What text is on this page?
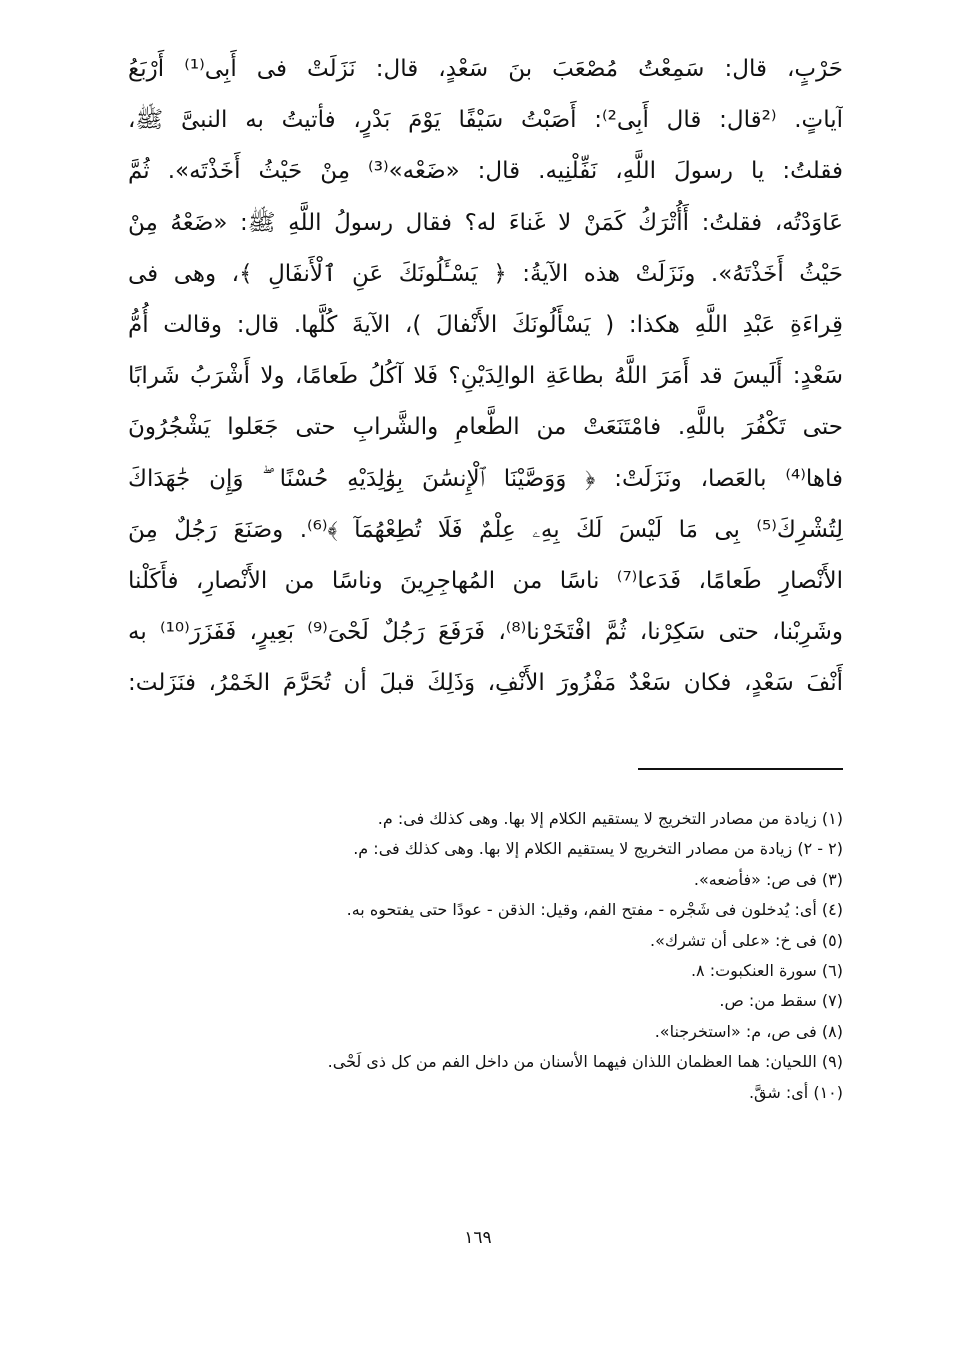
حَرْبٍ، قال: سَمِعْتُ مُصْعَبَ بنَ سَعْدٍ، قال: نَزَلَتْ فى أَبِى⁽¹⁾ أَرْبَعُ
آياتٍ. ⁽²قال: قال أَبِى²⁾: أَصَبْتُ سَيْفًا يَوْمَ بَدْرٍ، فأتيتُ به النبىَّ ﷺ،
فقلتُ: يا رسولَ اللَّهِ، نَفِّلْنِيه. قال: «ضَعْه»⁽³⁾ مِنْ حَيْثُ أَخَذْتَه». ثُمَّ
عَاوَدْتُه، فقلتُ: أَأُتْرَكُ كَمَنْ لا غَناءَ له؟ فقال رسولُ اللَّهِ ﷺ: «ضَعْهُ مِنْ
حَيْثُ أَخَذْتَهُ». ونَزَلَتْ هذه الآيةُ: ﴿ يَسْـَٔلُونَكَ عَنِ ٱلْأَنفَالِ ﴾، وهى فى
قِراءَةِ عَبْدِ اللَّهِ هكذا: ( يَسْأَلُونَكَ الأَنْفالَ )، الآيةَ كُلَّها. قال: وقالت أُمُّ
سَعْدٍ: أَلَيسَ قد أَمَرَ اللَّهُ بطاعَةِ الوالِدَيْنِ؟ فَلا آكُلُ طَعامًا، ولا أَشْرَبُ شَرابًا
حتى تَكْفُرَ باللَّهِ. فامْتَنَعَتْ من الطَّعامِ والشَّرابِ حتى جَعَلوا يَشْجُرُونَ
فاها⁽⁴⁾ بالعَصا، ونَزَلَتْ: ﴿ وَوَصَّيْنَا ٱلْإِنسَٰنَ بِوَٰلِدَيْهِ حُسْنًا ۖ وَإِن جَٰهَدَاكَ
لِتُشْرِكَ⁽⁵⁾ بِى مَا لَيْسَ لَكَ بِهِۦ عِلْمٌ فَلَا تُطِعْهُمَآ ﴾⁽⁶⁾. وصَنَعَ رَجُلٌ مِنَ
الأَنْصارِ طَعامًا، فَدَعا⁽⁷⁾ ناسًا من المُهاجِرِينَ وناسًا من الأَنْصارِ، فأَكَلْنا
وشَرِبْنا، حتى سَكِرْنا، ثُمَّ افْتَخَرْنا⁽⁸⁾، فَرَفَعَ رَجُلٌ لَحْىَ⁽⁹⁾ بَعِيرٍ، فَفَزَرَ⁽¹⁰⁾ به
أَنْفَ سَعْدٍ، فكان سَعْدٌ مَفْزُورَ الأَنْفِ، وَذَلِكَ قبلَ أن تُحَرَّمَ الخَمْرُ، فنَزَلت:
(١) زيادة من مصادر التخريج لا يستقيم الكلام إلا بها. وهى كذلك فى: م.
(٢ - ٢) زيادة من مصادر التخريج لا يستقيم الكلام إلا بها. وهى كذلك فى: م.
(٣) فى ص: «فأضعه».
(٤) أى: يُدخلون فى شَجْره - مفتح الفم، وقيل: الذقن - عودًا حتى يفتحوه به.
(٥) فى خ: «على أن تشرك».
(٦) سورة العنكبوت: ٨.
(٧) سقط من: ص.
(٨) فى ص، م: «استخرجنا».
(٩) اللحيان: هما العظمان اللذان فيهما الأسنان من داخل الفم من كل ذى لَحْى.
(١٠) أى: شقَّ.
١٦٩
